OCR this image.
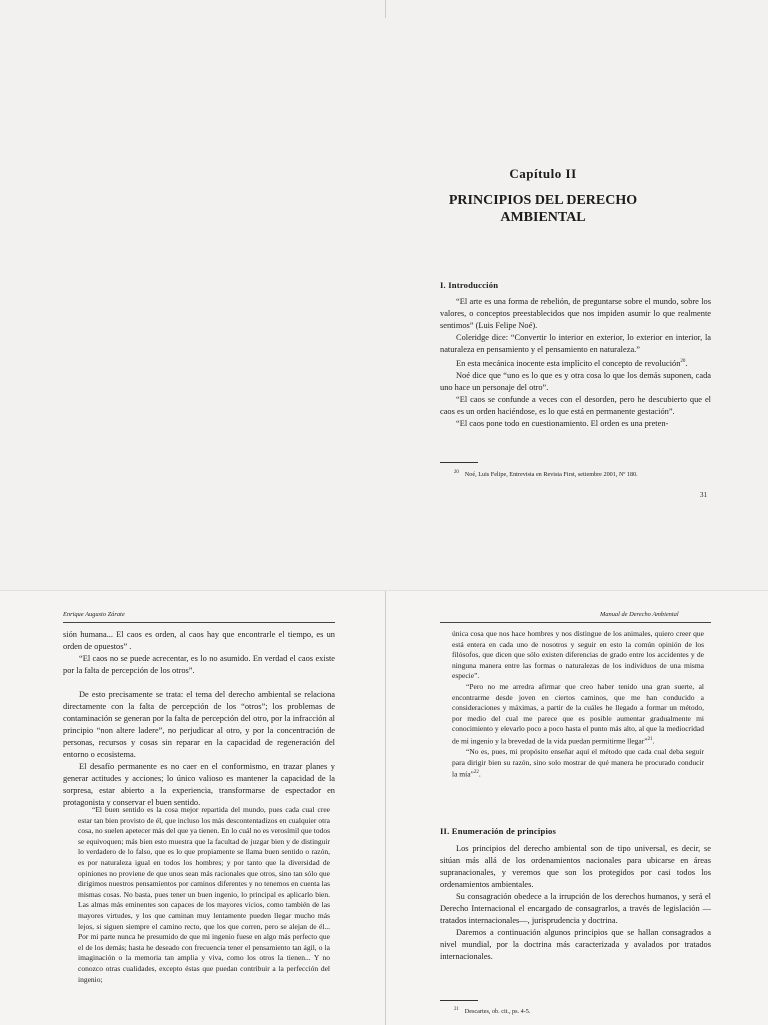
Capítulo II
PRINCIPIOS DEL DERECHO
AMBIENTAL
I. Introducción

“El arte es una forma de rebelión, de preguntarse sobre el mundo, sobre los valores, o conceptos preestablecidos que nos impiden asumir lo que realmente sentimos” (Luis Felipe Noé).

Coleridge dice: “Convertir lo interior en exterior, lo exterior en interior, la naturaleza en pensamiento y el pensamiento en naturaleza.”

En esta mecánica inocente esta implícito el concepto de revolución$^{20}$.

Noé dice que “uno es lo que es y otra cosa lo que los demás suponen, cada uno hace un personaje del otro”.

“El caos se confunde a veces con el desorden, pero he descubierto que el caos es un orden haciéndose, es lo que está en permanente gestación”.

“El caos pone todo en cuestionamiento. El orden es una preten-

$^{20}$ Noé, Luis Felipe, Entrevista en Revista First, setiembre 2001, Nº 180.
31
Enrique Augusto Zárate

sión humana... El caos es orden, al caos hay que encontrarle el tiempo, es un orden de opuestos” .

“El caos no se puede acrecentar, es lo no asumido. En verdad el caos existe por la falta de percepción de los otros”.

De esto precisamente se trata: el tema del derecho ambiental se relaciona directamente con la falta de percepción de los “otros”; los problemas de contaminación se generan por la falta de percepción del otro, por la infracción al principio “non altere ladere”, no perjudicar al otro, y por la concentración de personas, recursos y cosas sin reparar en la capacidad de regeneración del entorno o ecosistema.

El desafío permanente es no caer en el conformismo, en trazar planes y generar actitudes y acciones; lo único valioso es mantener la capacidad de la sorpresa, estar abierto a la experiencia, transformarse de espectador en protagonista y conservar el buen sentido.

“El buen sentido es la cosa mejor repartida del mundo, pues cada cual cree estar tan bien provisto de él, que incluso los más descontentadizos en cualquier otra cosa, no suelen apetecer más del que ya tienen. En lo cuál no es verosímil que todos se equivoquen; más bien esto muestra que la facultad de juzgar bien y de distinguir lo verdadero de lo falso, que es lo que propiamente se llama buen sentido o razón, es por naturaleza igual en todos los hombres; y por tanto que la diversidad de opiniones no proviene de que unos sean más racionales que otros, sino tan sólo que dirigimos nuestros pensamientos por caminos diferentes y no tenemos en cuenta las mismas cosas. No basta, pues tener un buen ingenio, lo principal es aplicarlo bien. Las almas más eminentes son capaces de los mayores vicios, como también de las mayores virtudes, y los que caminan muy lentamente pueden llegar mucho más lejos, si siguen siempre el camino recto, que los que corren, pero se alejan de él... Por mi parte nunca he presumido de que mi ingenio fuese en algo más perfecto que el de los demás; hasta he deseado con frecuencia tener el pensamiento tan ágil, o la imaginación o la memoria tan amplia y viva, como los otros la tienen... Y no conozco otras cualidades, excepto éstas que puedan contribuir a la perfección del ingenio;

Manual de Derecho Ambiental

única cosa que nos hace hombres y nos distingue de los animales, quiero creer que está entera en cada uno de nosotros y seguir en esto la común opinión de los filósofos, que dicen que sólo existen diferencias de grado entre los accidentes y de ninguna manera entre las formas o naturalezas de los individuos de una misma especie”.

“Pero no me arredra afirmar que creo haber tenido una gran suerte, al encontrarme desde joven en ciertos caminos, que me han conducido a consideraciones y máximas, a partir de la cuáles he llegado a formar un método, por medio del cual me parece que es posible aumentar gradualmente mi conocimiento y elevarlo poco a poco hasta el punto más alto, al que la mediocridad de mi ingenio y la brevedad de la vida puedan permitirme llegar”$^{21}$.

“No es, pues, mi propósito enseñar aquí el método que cada cual deba seguir para dirigir bien su razón, sino solo mostrar de qué manera he procurado conducir la mía”$^{22}$.

II. Enumeración de principios

Los principios del derecho ambiental son de tipo universal, es decir, se sitúan más allá de los ordenamientos nacionales para ubicarse en áreas supranacionales, y veremos que son los protegidos por casi todos los ordenamientos ambientales.

Su consagración obedece a la irrupción de los derechos humanos, y será el Derecho Internacional el encargado de consagrarlos, a través de legislación —tratados internacionales—, jurisprudencia y doctrina.

Daremos a continuación algunos principios que se hallan consagrados a nivel mundial, por la doctrina más caracterizada y avalados por tratados internacionales.

$^{21}$ Descartes, ob. cit., ps. 4-5.
